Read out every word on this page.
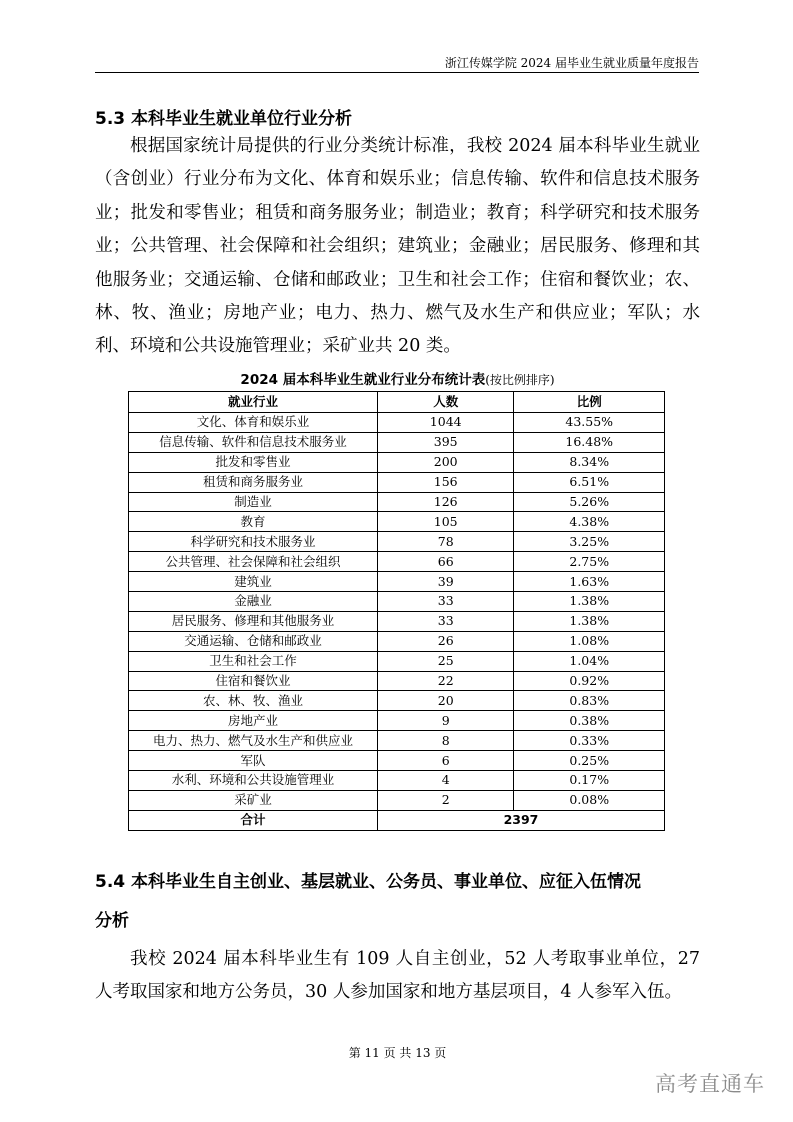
浙江传媒学院 2024 届毕业生就业质量年度报告
5.3 本科毕业生就业单位行业分析
根据国家统计局提供的行业分类统计标准，我校 2024 届本科毕业生就业（含创业）行业分布为文化、体育和娱乐业；信息传输、软件和信息技术服务业；批发和零售业；租赁和商务服务业；制造业；教育；科学研究和技术服务业；公共管理、社会保障和社会组织；建筑业；金融业；居民服务、修理和其他服务业；交通运输、仓储和邮政业；卫生和社会工作；住宿和餐饮业；农、林、牧、渔业；房地产业；电力、热力、燃气及水生产和供应业；军队；水利、环境和公共设施管理业；采矿业共 20 类。
2024 届本科毕业生就业行业分布统计表(按比例排序)
就业行业	人数	比例
文化、体育和娱乐业	1044	43.55%
信息传输、软件和信息技术服务业	395	16.48%
批发和零售业	200	8.34%
租赁和商务服务业	156	6.51%
制造业	126	5.26%
教育	105	4.38%
科学研究和技术服务业	78	3.25%
公共管理、社会保障和社会组织	66	2.75%
建筑业	39	1.63%
金融业	33	1.38%
居民服务、修理和其他服务业	33	1.38%
交通运输、仓储和邮政业	26	1.08%
卫生和社会工作	25	1.04%
住宿和餐饮业	22	0.92%
农、林、牧、渔业	20	0.83%
房地产业	9	0.38%
电力、热力、燃气及水生产和供应业	8	0.33%
军队	6	0.25%
水利、环境和公共设施管理业	4	0.17%
采矿业	2	0.08%
合计	2397	
5.4 本科毕业生自主创业、基层就业、公务员、事业单位、应征入伍情况
分析
我校 2024 届本科毕业生有 109 人自主创业，52 人考取事业单位，27 人考取国家和地方公务员，30 人参加国家和地方基层项目，4 人参军入伍。
第 11 页 共 13 页
高考直通车
